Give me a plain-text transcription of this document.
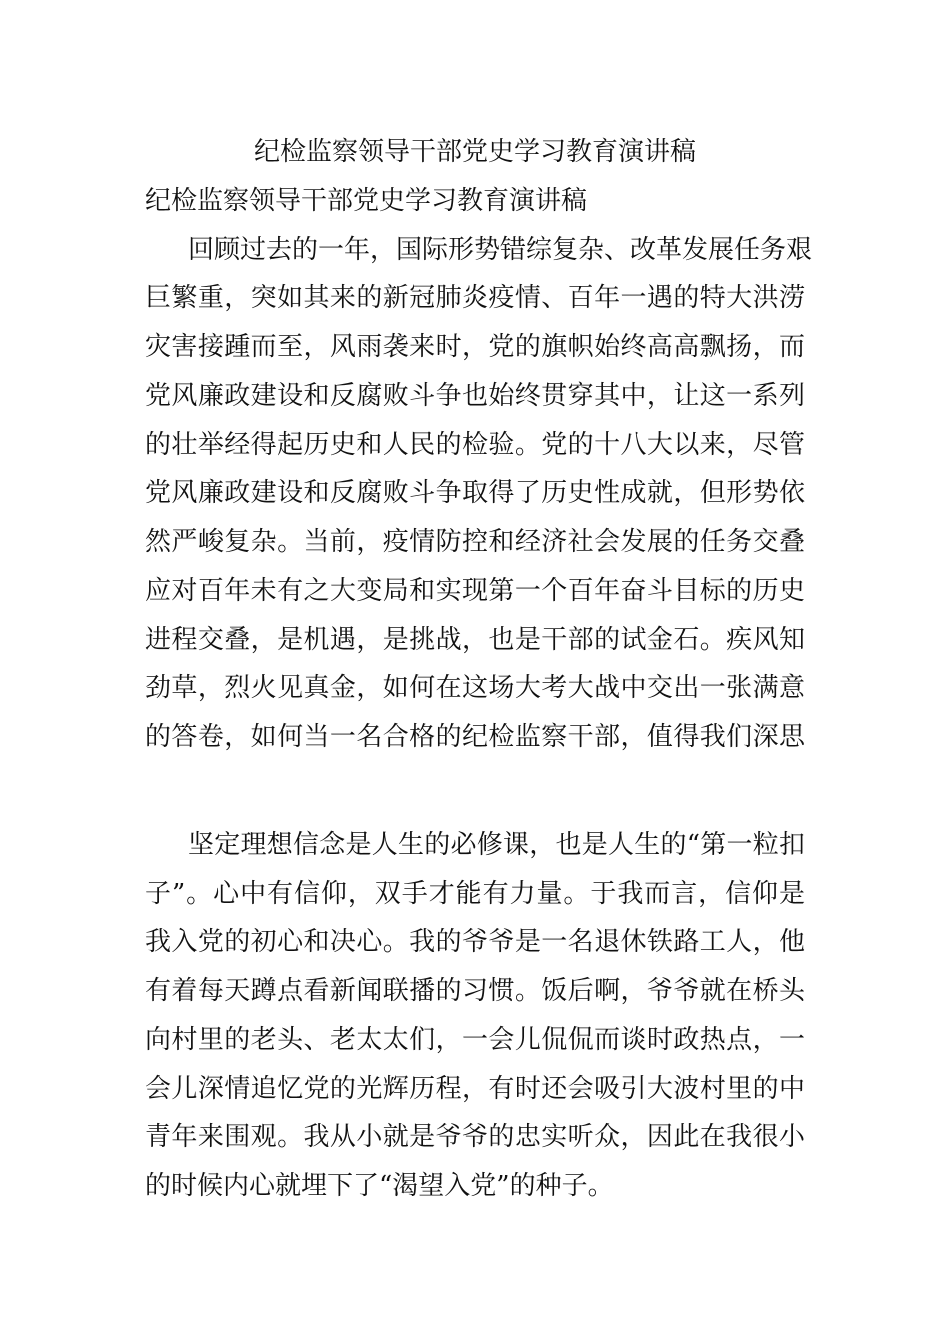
纪检监察领导干部党史学习教育演讲稿
纪检监察领导干部党史学习教育演讲稿
回顾过去的一年，国际形势错综复杂、改革发展任务艰
巨繁重，突如其来的新冠肺炎疫情、百年一遇的特大洪涝
灾害接踵而至，风雨袭来时，党的旗帜始终高高飘扬，而
党风廉政建设和反腐败斗争也始终贯穿其中，让这一系列
的壮举经得起历史和人民的检验。党的十八大以来，尽管
党风廉政建设和反腐败斗争取得了历史性成就，但形势依
然严峻复杂。当前，疫情防控和经济社会发展的任务交叠
应对百年未有之大变局和实现第一个百年奋斗目标的历史
进程交叠，是机遇，是挑战，也是干部的试金石。疾风知
劲草，烈火见真金，如何在这场大考大战中交出一张满意
的答卷，如何当一名合格的纪检监察干部，值得我们深思
坚定理想信念是人生的必修课，也是人生的“第一粒扣
子”。心中有信仰，双手才能有力量。于我而言，信仰是
我入党的初心和决心。我的爷爷是一名退休铁路工人，他
有着每天蹲点看新闻联播的习惯。饭后啊，爷爷就在桥头
向村里的老头、老太太们，一会儿侃侃而谈时政热点，一
会儿深情追忆党的光辉历程，有时还会吸引大波村里的中
青年来围观。我从小就是爷爷的忠实听众，因此在我很小
的时候内心就埋下了“渴望入党”的种子。
